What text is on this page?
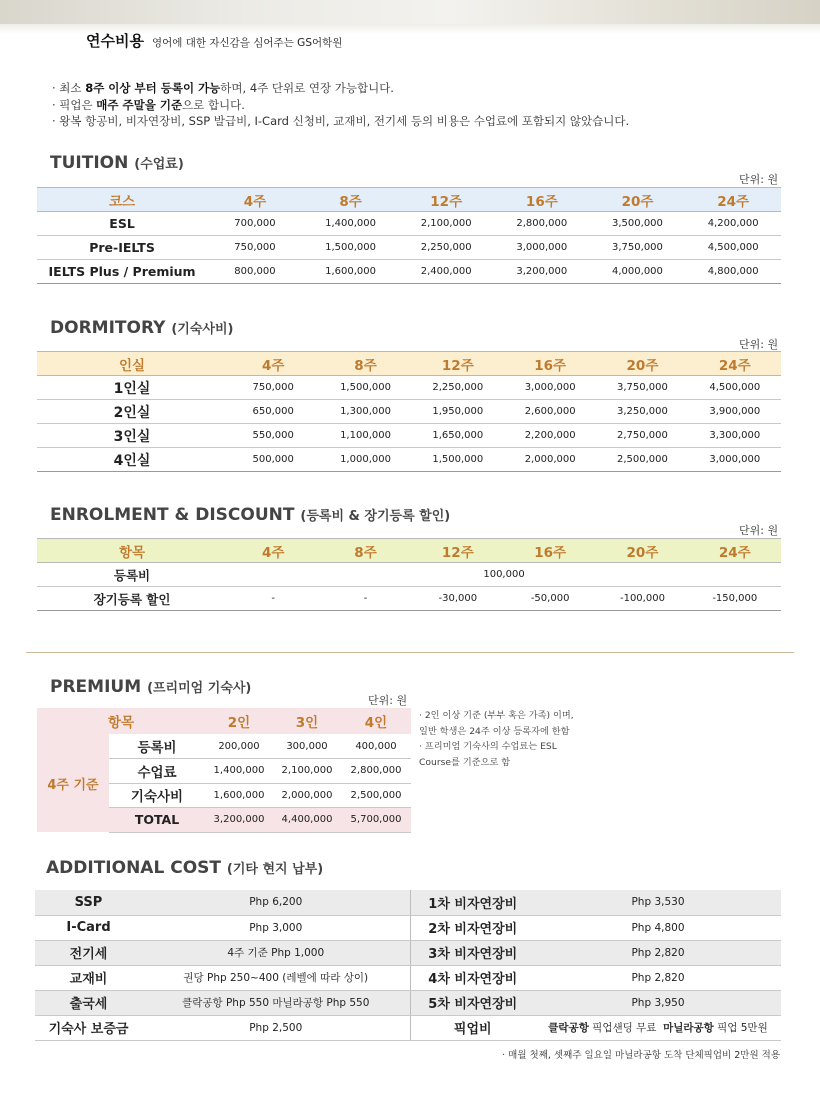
연수비용 영어에 대한 자신감을 심어주는 GS어학원
· 최소 8주 이상 부터 등록이 가능하며, 4주 단위로 연장 가능합니다.
· 픽업은 매주 주말을 기준으로 합니다.
· 왕복 항공비, 비자연장비, SSP 발급비, I-Card 신청비, 교재비, 전기세 등의 비용은 수업료에 포함되지 않았습니다.
TUITION (수업료)
단위: 원
코스	4주	8주	12주	16주	20주	24주
ESL	700,000	1,400,000	2,100,000	2,800,000	3,500,000	4,200,000
Pre-IELTS	750,000	1,500,000	2,250,000	3,000,000	3,750,000	4,500,000
IELTS Plus / Premium	800,000	1,600,000	2,400,000	3,200,000	4,000,000	4,800,000
DORMITORY (기숙사비)
단위: 원
인실	4주	8주	12주	16주	20주	24주
1인실	750,000	1,500,000	2,250,000	3,000,000	3,750,000	4,500,000
2인실	650,000	1,300,000	1,950,000	2,600,000	3,250,000	3,900,000
3인실	550,000	1,100,000	1,650,000	2,200,000	2,750,000	3,300,000
4인실	500,000	1,000,000	1,500,000	2,000,000	2,500,000	3,000,000
ENROLMENT & DISCOUNT (등록비 & 장기등록 할인)
단위: 원
항목	4주	8주	12주	16주	20주	24주
등록비	100,000					
장기등록 할인	-	-	-30,000	-50,000	-100,000	-150,000
PREMIUM (프리미엄 기숙사)
단위: 원
항목		2인	3인	4인
4주 기준	등록비	200,000	300,000	400,000
	수업료	1,400,000	2,100,000	2,800,000
	기숙사비	1,600,000	2,000,000	2,500,000
	TOTAL	3,200,000	4,400,000	5,700,000
· 2인 이상 기준 (부부 혹은 가족) 이며,
일반 학생은 24주 이상 등록자에 한함
· 프리미엄 기숙사의 수업료는 ESL
Course를 기준으로 함
ADDITIONAL COST (기타 현지 납부)
SSP	Php 6,200	1차 비자연장비	Php 3,530
I-Card	Php 3,000	2차 비자연장비	Php 4,800
전기세	4주 기준 Php 1,000	3차 비자연장비	Php 2,820
교재비	권당 Php 250~400 (레벨에 따라 상이)	4차 비자연장비	Php 2,820
출국세	클락공항 Php 550 마닐라공항 Php 550	5차 비자연장비	Php 3,950
기숙사 보증금	Php 2,500	픽업비	클락공항 픽업샌딩 무료  마닐라공항 픽업 5만원
· 매월 첫째, 셋째주 일요일 마닐라공항 도착 단체픽업비 2만원 적용
